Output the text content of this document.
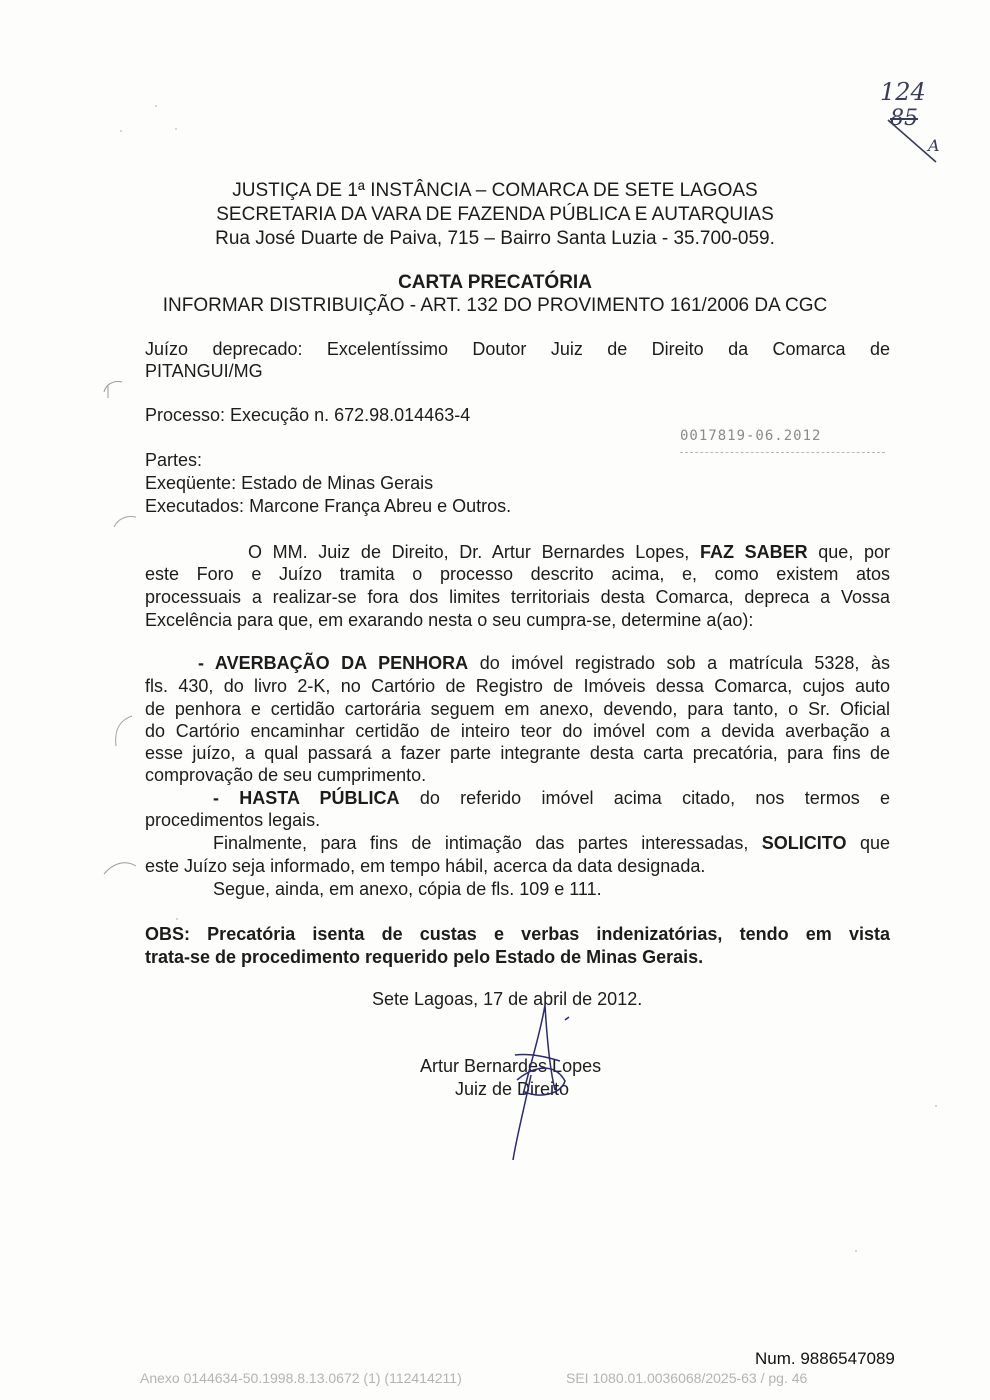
124
85
A
JUSTIÇA DE 1ª INSTÂNCIA – COMARCA DE SETE LAGOAS
SECRETARIA DA VARA DE FAZENDA PÚBLICA E AUTARQUIAS
Rua José Duarte de Paiva, 715 – Bairro Santa Luzia - 35.700-059.
CARTA PRECATÓRIA
INFORMAR DISTRIBUIÇÃO - ART. 132 DO PROVIMENTO 161/2006 DA CGC
Juízo deprecado: Excelentíssimo Doutor Juiz de Direito da Comarca de
PITANGUI/MG
Processo: Execução n. 672.98.014463-4
0017819-06.2012
Partes:
Exeqüente: Estado de Minas Gerais
Executados: Marcone França Abreu e Outros.
O MM. Juiz de Direito, Dr. Artur Bernardes Lopes, FAZ SABER que, por
este Foro e Juízo tramita o processo descrito acima, e, como existem atos
processuais a realizar-se fora dos limites territoriais desta Comarca, depreca a Vossa
Excelência para que, em exarando nesta o seu cumpra-se, determine a(ao):
- AVERBAÇÃO DA PENHORA do imóvel registrado sob a matrícula 5328, às
fls. 430, do livro 2-K, no Cartório de Registro de Imóveis dessa Comarca, cujos auto
de penhora e certidão cartorária seguem em anexo, devendo, para tanto, o Sr. Oficial
do Cartório encaminhar certidão de inteiro teor do imóvel com a devida averbação a
esse juízo, a qual passará a fazer parte integrante desta carta precatória, para fins de
comprovação de seu cumprimento.
- HASTA PÚBLICA do referido imóvel acima citado, nos termos e
procedimentos legais.
Finalmente, para fins de intimação das partes interessadas, SOLICITO que
este Juízo seja informado, em tempo hábil, acerca da data designada.
Segue, ainda, em anexo, cópia de fls. 109 e 111.
OBS: Precatória isenta de custas e verbas indenizatórias, tendo em vista
trata-se de procedimento requerido pelo Estado de Minas Gerais.
Sete Lagoas, 17 de abril de 2012.
Artur Bernardes Lopes
Juiz de Direito
Num. 9886547089
Anexo 0144634-50.1998.8.13.0672 (1) (112414211)	SEI 1080.01.0036068/2025-63 / pg. 46
